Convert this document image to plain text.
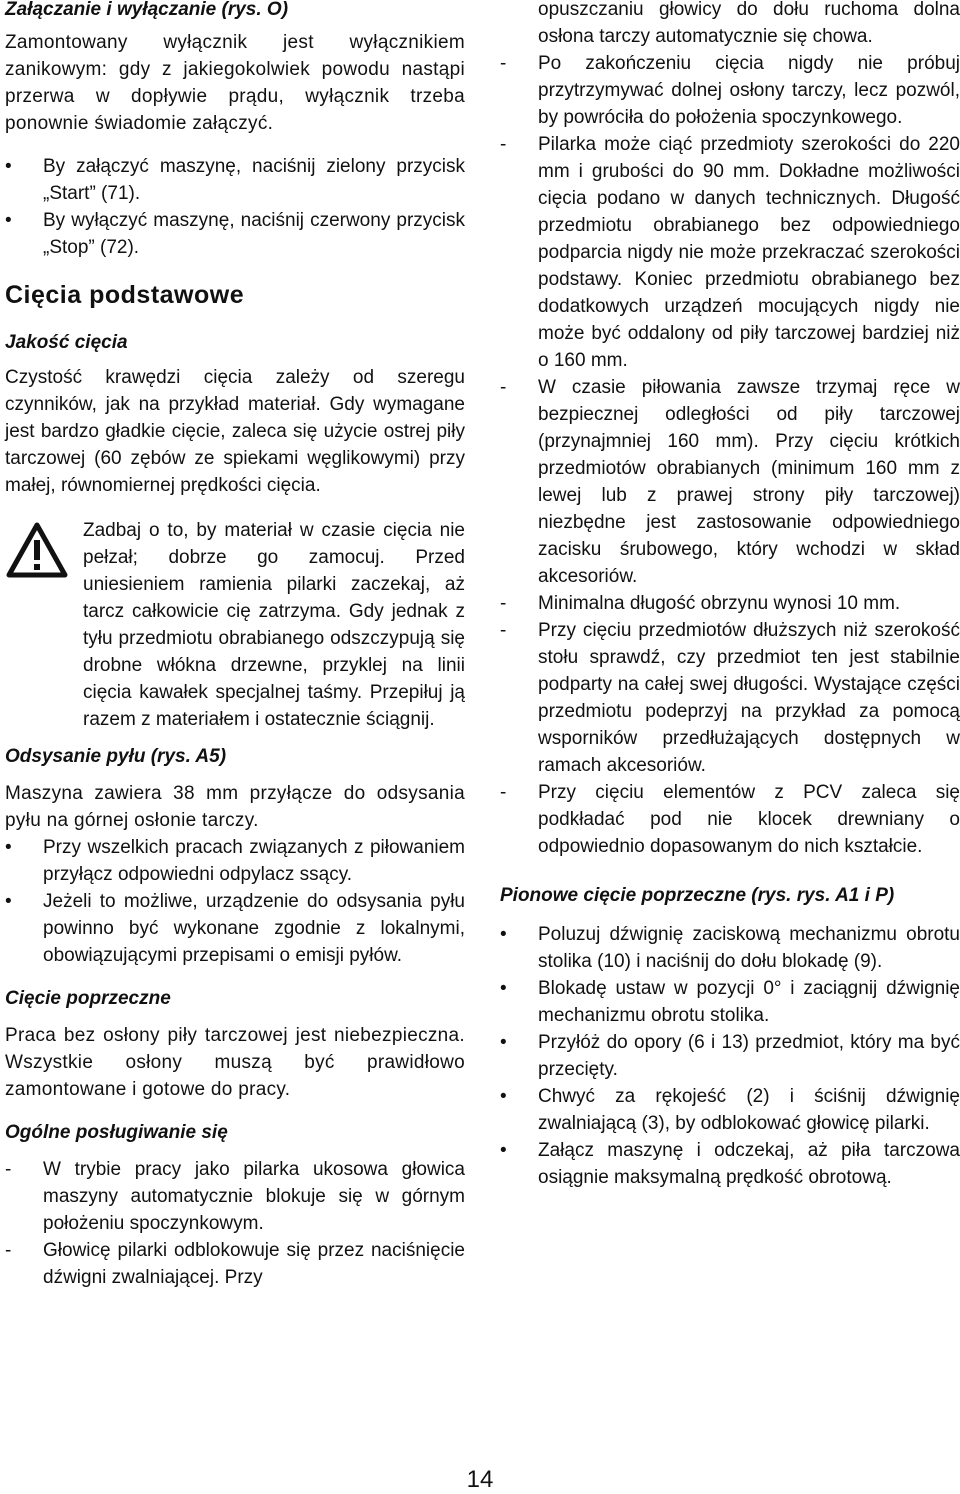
Załączanie i wyłączanie (rys. O)

Zamontowany wyłącznik jest wyłącznikiem zanikowym: gdy z jakiegokolwiek powodu nastąpi przerwa w dopływie prądu, wyłącznik trzeba ponownie świadomie załączyć.

• By załączyć maszynę, naciśnij zielony przycisk „Start” (71).
• By wyłączyć maszynę, naciśnij czerwony przycisk „Stop” (72).

Cięcia podstawowe

Jakość cięcia

Czystość krawędzi cięcia zależy od szeregu czynników, jak na przykład materiał. Gdy wymagane jest bardzo gładkie cięcie, zaleca się użycie ostrej piły tarczowej (60 zębów ze spiekami węglikowymi) przy małej, równomiernej prędkości cięcia.

Zadbaj o to, by materiał w czasie cięcia nie pełzał; dobrze go zamocuj. Przed uniesieniem ramienia pilarki zaczekaj, aż tarcz całkowicie cię zatrzyma. Gdy jednak z tyłu przedmiotu obrabianego odszczypują się drobne włókna drzewne, przyklej na linii cięcia kawałek specjalnej taśmy. Przepiłuj ją razem z materiałem i ostatecznie ściągnij.

Odsysanie pyłu (rys. A5)

Maszyna zawiera 38 mm przyłącze do odsysania pyłu na górnej osłonie tarczy.

• Przy wszelkich pracach związanych z piłowaniem przyłącz odpowiedni odpylacz ssący.
• Jeżeli to możliwe, urządzenie do odsysania pyłu powinno być wykonane zgodnie z lokalnymi, obowiązującymi przepisami o emisji pyłów.

Cięcie poprzeczne

Praca bez osłony piły tarczowej jest niebezpieczna. Wszystkie osłony muszą być prawidłowo zamontowane i gotowe do pracy.

Ogólne posługiwanie się

- W trybie pracy jako pilarka ukosowa głowica maszyny automatycznie blokuje się w górnym położeniu spoczynkowym.
- Głowicę pilarki odblokowuje się przez naciśnięcie dźwigni zwalniającej. Przy

opuszczaniu głowicy do dołu ruchoma dolna osłona tarczy automatycznie się chowa.

- Po zakończeniu cięcia nigdy nie próbuj przytrzymywać dolnej osłony tarczy, lecz pozwól, by powróciła do położenia spoczynkowego.
- Pilarka może ciąć przedmioty szerokości do 220 mm i grubości do 90 mm. Dokładne możliwości cięcia podano w danych technicznych. Długość przedmiotu obrabianego bez odpowiedniego podparcia nigdy nie może przekraczać szerokości podstawy. Koniec przedmiotu obrabianego bez dodatkowych urządzeń mocujących nigdy nie może być oddalony od piły tarczowej bardziej niż o 160 mm.
- W czasie piłowania zawsze trzymaj ręce w bezpiecznej odległości od piły tarczowej (przynajmniej 160 mm). Przy cięciu krótkich przedmiotów obrabianych (minimum 160 mm z lewej lub z prawej strony piły tarczowej) niezbędne jest zastosowanie odpowiedniego zacisku śrubowego, który wchodzi w skład akcesoriów.
- Minimalna długość obrzynu wynosi 10 mm.
- Przy cięciu przedmiotów dłuższych niż szerokość stołu sprawdź, czy przedmiot ten jest stabilnie podparty na całej swej długości. Wystające części przedmiotu podeprzyj na przykład za pomocą wsporników przedłużających dostępnych w ramach akcesoriów.
- Przy cięciu elementów z PCV zaleca się podkładać pod nie klocek drewniany o odpowiednio dopasowanym do nich kształcie.

Pionowe cięcie poprzeczne (rys. rys. A1 i P)

• Poluzuj dźwignię zaciskową mechanizmu obrotu stolika (10) i naciśnij do dołu blokadę (9).
• Blokadę ustaw w pozycji 0° i zaciągnij dźwignię mechanizmu obrotu stolika.
• Przyłóż do opory (6 i 13) przedmiot, który ma być przecięty.
• Chwyć za rękojeść (2) i ściśnij dźwignię zwalniającą (3), by odblokować głowicę pilarki.
• Załącz maszynę i odczekaj, aż piła tarczowa osiągnie maksymalną prędkość obrotową.
14
